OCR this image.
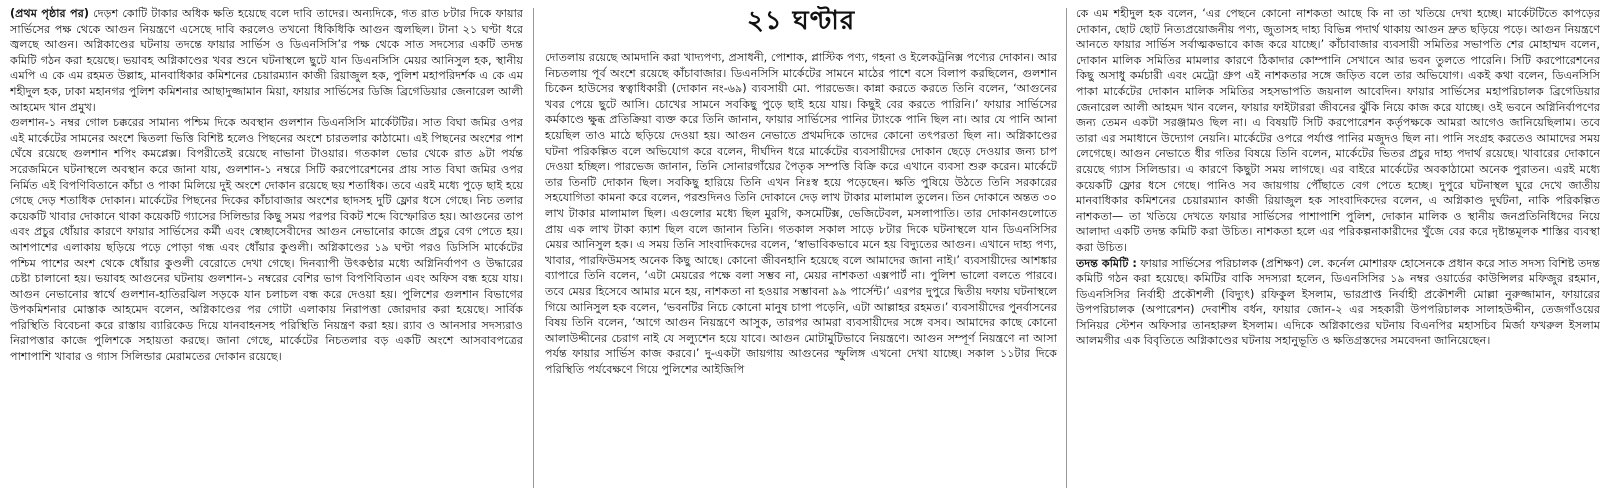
(প্রথম পৃষ্ঠার পর) দেড়শ কোটি টাকার অধিক ক্ষতি হয়েছে বলে দাবি তাদের। অন্যদিকে, গত রাত ৮টার দিকে ফায়ার সার্ভিসের পক্ষ থেকে আগুন নিয়ন্ত্রণে এসেছে দাবি করলেও তখনো ধিকিধিকি আগুন জ্বলছিল। টানা ২১ ঘণ্টা ধরে জ্বলছে আগুন। অগ্নিকাণ্ডের ঘটনায় তদন্তে ফায়ার সার্ভিস ও ডিএনসিসি’র পক্ষ থেকে সাত সদস্যের একটি তদন্ত কমিটি গঠন করা হয়েছে। ভয়াবহ অগ্নিকাণ্ডের খবর শুনে ঘটনাস্থলে ছুটে যান ডিএনসিসি মেয়র আনিসুল হক, স্থানীয় এমপি এ কে এম রহমত উল্লাহ, মানবাধিকার কমিশনের চেয়ারম্যান কাজী রিয়াজুল হক, পুলিশ মহাপরিদর্শক এ কে এম শহীদুল হক, ঢাকা মহানগর পুলিশ কমিশনার আছাদুজ্জামান মিয়া, ফায়ার সার্ভিসের ডিজি ব্রিগেডিয়ার জেনারেল আলী আহমেদ খান প্রমুখ।

গুলশান-১ নম্বর গোল চক্করের সামান্য পশ্চিম দিকে অবস্থান গুলশান ডিএনসিসি মার্কেটটির। সাত বিঘা জমির ওপর এই মার্কেটের সামনের অংশে দ্বিতলা ভিত্তি বিশিষ্ট হলেও পিছনের অংশে চারতলার কাঠামো। এই পিছনের অংশের পাশ ঘেঁষে রয়েছে গুলশান শপিং কমপ্লেক্স। বিপরীতেই রয়েছে নাভানা টাওয়ার। গতকাল ভোর থেকে রাত ৯টা পর্যন্ত সরেজমিনে ঘটনাস্থলে অবস্থান করে জানা যায়, গুলশান-১ নম্বরে সিটি করপোরেশনের প্রায় সাত বিঘা জমির ওপর নির্মিত এই বিপণিবিতানে কাঁচা ও পাকা মিলিয়ে দুই অংশে দোকান রয়েছে ছয় শতাধিক। তবে এরই মধ্যে পুড়ে ছাই হয়ে গেছে দেড় শতাধিক দোকান। মার্কেটের পিছনের দিকের কাঁচাবাজার অংশের ছাদসহ দুটি ফ্লোর ধসে গেছে। নিচ তলার কয়েকটি খাবার দোকানে থাকা কয়েকটি গ্যাসের সিলিন্ডার কিছু সময় পরপর বিকট শব্দে বিস্ফোরিত হয়। আগুনের তাপ এবং প্রচুর ধোঁয়ার কারণে ফায়ার সার্ভিসের কর্মী এবং স্বেচ্ছাসেবীদের আগুন নেভানোর কাজে প্রচুর বেগ পেতে হয়। আশপাশের এলাকায় ছড়িয়ে পড়ে পোড়া গন্ধ এবং ধোঁয়ার কুণ্ডলী। অগ্নিকাণ্ডের ১৯ ঘণ্টা পরও ডিসিসি মার্কেটের পশ্চিম পাশের অংশ থেকে ধোঁয়ার কুণ্ডলী বেরোতে দেখা গেছে। দিনব্যাপী উৎকণ্ঠার মধ্যে অগ্নিনির্বাপণ ও উদ্ধারের চেষ্টা চালানো হয়। ভয়াবহ আগুনের ঘটনায় গুলশান-১ নম্বরের বেশির ভাগ বিপণিবিতান এবং অফিস বন্ধ হয়ে যায়। আগুন নেভানোর স্বার্থে গুলশান-হাতিরঝিল সড়কে যান চলাচল বন্ধ করে দেওয়া হয়। পুলিশের গুলশান বিভাগের উপকমিশনার মোস্তাক আহমেদ বলেন, অগ্নিকাণ্ডের পর গোটা এলাকায় নিরাপত্তা জোরদার করা হয়েছে। সার্বিক পরিস্থিতি বিবেচনা করে রাস্তায় ব্যারিকেড দিয়ে যানবাহনসহ পরিস্থিতি নিয়ন্ত্রণ করা হয়। র‌্যাব ও আনসার সদস্যরাও নিরাপত্তার কাজে পুলিশকে সহায়তা করছে। জানা গেছে, মার্কেটের নিচতলার বড় একটি অংশে আসবাবপত্রের পাশাপাশি খাবার ও গ্যাস সিলিন্ডার মেরামতের দোকান রয়েছে।

২১ ঘণ্টার

দোতলায় রয়েছে আমদানি করা খাদ্যপণ্য, প্রসাধনী, পোশাক, প্লাস্টিক পণ্য, গহনা ও ইলেকট্রনিক্স পণ্যের দোকান। আর নিচতলায় পূর্ব অংশে রয়েছে কাঁচাবাজার। ডিএনসিসি মার্কেটের সামনে মাঠের পাশে বসে বিলাপ করছিলেন, গুলশান চিকেন হাউসের স্বত্বাধিকারী (দোকান নং-৬৯) ব্যবসায়ী মো. পারভেজ। কান্না করতে করতে তিনি বলেন, ‘আগুনের খবর পেয়ে ছুটে আসি। চোখের সামনে সবকিছু পুড়ে ছাই হয়ে যায়। কিছুই বের করতে পারিনি।’ ফায়ার সার্ভিসের কর্মকাণ্ডে ক্ষুব্ধ প্রতিক্রিয়া ব্যক্ত করে তিনি জানান, ফায়ার সার্ভিসের পানির ট্যাংকে পানি ছিল না। আর যে পানি আনা হয়েছিল তাও মাঠে ছড়িয়ে দেওয়া হয়। আগুন নেভাতে প্রথমদিকে তাদের কোনো তৎপরতা ছিল না। অগ্নিকাণ্ডের ঘটনা পরিকল্পিত বলে অভিযোগ করে বলেন, দীর্ঘদিন ধরে মার্কেটের ব্যবসায়ীদের দোকান ছেড়ে দেওয়ার জন্য চাপ দেওয়া হচ্ছিল। পারভেজ জানান, তিনি সোনারগাঁয়ের পৈতৃক সম্পত্তি বিক্রি করে এখানে ব্যবসা শুরু করেন। মার্কেটে তার তিনটি দোকান ছিল। সবকিছু হারিয়ে তিনি এখন নিঃস্ব হয়ে পড়েছেন। ক্ষতি পুষিয়ে উঠতে তিনি সরকারের সহযোগিতা কামনা করে বলেন, পরশুদিনও তিনি দোকানে দেড় লাখ টাকার মালামাল তুলেন। তিন দোকানে অন্তত ৩০ লাখ টাকার মালামাল ছিল। এগুলোর মধ্যে ছিল মুরগি, কসমেটিক্স, ভেজিটেবল, মসলাপাতি। তার দোকানগুলোতে প্রায় এক লাখ টাকা ক্যাশ ছিল বলে জানান তিনি। গতকাল সকাল সাড়ে ৮টার দিকে ঘটনাস্থলে যান ডিএনসিসির মেয়র আনিসুল হক। এ সময় তিনি সাংবাদিকদের বলেন, ‘স্বাভাবিকভাবে মনে হয় বিদ্যুতের আগুন। এখানে দাহ্য পণ্য, খাবার, পারফিউমসহ অনেক কিছু আছে। কোনো জীবনহানি হয়েছে বলে আমাদের জানা নাই।’ ব্যবসায়ীদের আশঙ্কার ব্যাপারে তিনি বলেন, ‘এটা মেয়রের পক্ষে বলা সম্ভব না, মেয়র নাশকতা এক্সপার্ট না। পুলিশ ভালো বলতে পারবে। তবে মেয়র হিসেবে আমার মনে হয়, নাশকতা না হওয়ার সম্ভাবনা ৯৯ পার্সেন্ট।’ এরপর দুপুরে দ্বিতীয় দফায় ঘটনাস্থলে গিয়ে আনিসুল হক বলেন, ‘ভবনটির নিচে কোনো মানুষ চাপা পড়েনি, এটা আল্লাহর রহমত।’ ব্যবসায়ীদের পুনর্বাসনের বিষয় তিনি বলেন, ‘আগে আগুন নিয়ন্ত্রণে আসুক, তারপর আমরা ব্যবসায়ীদের সঙ্গে বসব। আমাদের কাছে কোনো আলাউদ্দীনের চেরাগ নাই যে সল্যুশেন হয়ে যাবে। আগুন মোটামুটিভাবে নিয়ন্ত্রণে। আগুন সম্পূর্ণ নিয়ন্ত্রণে না আসা পর্যন্ত ফায়ার সার্ভিস কাজ করবে।’ দু-একটা জায়গায় আগুনের স্ফুলিঙ্গ এখনো দেখা যাচ্ছে। সকাল ১১টার দিকে পরিস্থিতি পর্যবেক্ষণে গিয়ে পুলিশের আইজিপি

কে এম শহীদুল হক বলেন, ‘এর পেছনে কোনো নাশকতা আছে কি না তা খতিয়ে দেখা হচ্ছে। মার্কেটটিতে কাপড়ের দোকান, ছোট ছোট নিত্যপ্রয়োজনীয় পণ্য, জুতাসহ দাহ্য বিভিন্ন পদার্থ থাকায় আগুন দ্রুত ছড়িয়ে পড়ে। আগুন নিয়ন্ত্রণে আনতে ফায়ার সার্ভিস সর্বাত্মকভাবে কাজ করে যাচ্ছে।’ কাঁচাবাজার ব্যবসায়ী সমিতির সভাপতি শের মোহাম্মদ বলেন, দোকান মালিক সমিতির মামলার কারণে ঠিকাদার কোম্পানি সেখানে আর ভবন তুলতে পারেনি। সিটি করপোরেশনের কিছু অসাধু কর্মচারী এবং মেট্রো গ্রুপ এই নাশকতার সঙ্গে জড়িত বলে তার অভিযোগ। একই কথা বলেন, ডিএনসিসি পাকা মার্কেটের দোকান মালিক সমিতির সহসভাপতি জয়নাল আবেদিন। ফায়ার সার্ভিসের মহাপরিচালক ব্রিগেডিয়ার জেনারেল আলী আহমদ খান বলেন, ফায়ার ফাইটাররা জীবনের ঝুঁকি নিয়ে কাজ করে যাচ্ছে। ওই ভবনে অগ্নিনির্বাপণের জন্য তেমন একটা সরঞ্জামও ছিল না। এ বিষয়টি সিটি করপোরেশন কর্তৃপক্ষকে আমরা আগেও জানিয়েছিলাম। তবে তারা এর সমাধানে উদ্যোগ নেয়নি। মার্কেটের ওপরে পর্যাপ্ত পানির মজুদও ছিল না। পানি সংগ্রহ করতেও আমাদের সময় লেগেছে। আগুন নেভাতে ধীর গতির বিষয়ে তিনি বলেন, মার্কেটের ভিতর প্রচুর দাহ্য পদার্থ রয়েছে। খাবারের দোকানে রয়েছে গ্যাস সিলিন্ডার। এ কারণে কিছুটা সময় লাগছে। এর বাইরে মার্কেটের অবকাঠামো অনেক পুরাতন। এরই মধ্যে কয়েকটি ফ্লোর ধসে গেছে। পানিও সব জায়গায় পৌঁছাতে বেগ পেতে হচ্ছে। দুপুরে ঘটনাস্থল ঘুরে দেখে জাতীয় মানবাধিকার কমিশনের চেয়ারম্যান কাজী রিয়াজুল হক সাংবাদিকদের বলেন, এ অগ্নিকাণ্ড দুর্ঘটনা, নাকি পরিকল্পিত নাশকতা— তা খতিয়ে দেখতে ফায়ার সার্ভিসের পাশাপাশি পুলিশ, দোকান মালিক ও স্থানীয় জনপ্রতিনিধিদের নিয়ে আলাদা একটি তদন্ত কমিটি করা উচিত। নাশকতা হলে এর পরিকল্পনাকারীদের খুঁজে বের করে দৃষ্টান্তমূলক শাস্তির ব্যবস্থা করা উচিত।

তদন্ত কমিটি : ফায়ার সার্ভিসের পরিচালক (প্রশিক্ষণ) লে. কর্নেল মোশারফ হোসেনকে প্রধান করে সাত সদস্য বিশিষ্ট তদন্ত কমিটি গঠন করা হয়েছে। কমিটির বাকি সদস্যরা হলেন, ডিএনসিসির ১৯ নম্বর ওয়ার্ডের কাউন্সিলর মফিজুর রহমান, ডিএনসিসির নির্বাহী প্রকৌশলী (বিদ্যুৎ) রফিকুল ইসলাম, ভারপ্রাপ্ত নির্বাহী প্রকৌশলী মোল্লা নুরুজ্জামান, ফায়ারের উপপরিচালক (অপারেশন) দেবাশীষ বর্ধন, ফায়ার জোন-২ এর সহকারী উপপরিচালক সালাহউদ্দীন, তেজগাঁওয়ের সিনিয়র স্টেশন অফিসার তানহারুল ইসলাম। এদিকে অগ্নিকাণ্ডের ঘটনায় বিএনপির মহাসচিব মির্জা ফখরুল ইসলাম আলমগীর এক বিবৃতিতে অগ্নিকাণ্ডের ঘটনায় সহানুভূতি ও ক্ষতিগ্রস্তদের সমবেদনা জানিয়েছেন।
